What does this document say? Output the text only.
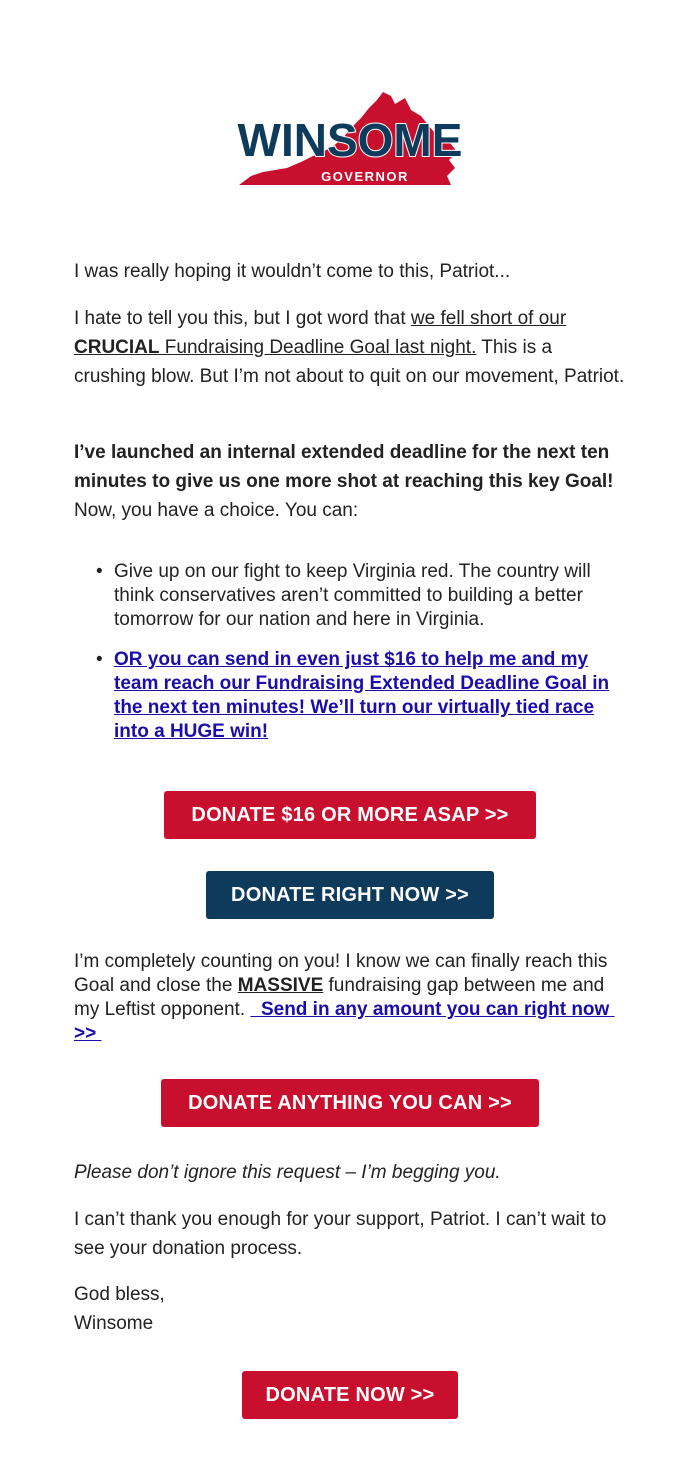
WINSOME
GOVERNOR

I was really hoping it wouldn’t come to this, Patriot...

I hate to tell you this, but I got word that we fell short of our CRUCIAL Fundraising Deadline Goal last night. This is a crushing blow. But I’m not about to quit on our movement, Patriot.

I’ve launched an internal extended deadline for the next ten minutes to give us one more shot at reaching this key Goal! Now, you have a choice. You can:

• Give up on our fight to keep Virginia red. The country will think conservatives aren’t committed to building a better tomorrow for our nation and here in Virginia.
• OR you can send in even just $16 to help me and my team reach our Fundraising Extended Deadline Goal in the next ten minutes! We’ll turn our virtually tied race into a HUGE win!

I’m completely counting on you! I know we can finally reach this Goal and close the MASSIVE fundraising gap between me and my Leftist opponent.   Send in any amount you can right now >>

Please don’t ignore this request – I’m begging you.

I can’t thank you enough for your support, Patriot. I can’t wait to see your donation process.

God bless,
Winsome

DONATE $16 OR MORE ASAP >>
DONATE RIGHT NOW >>
DONATE ANYTHING YOU CAN >>
DONATE NOW >>
